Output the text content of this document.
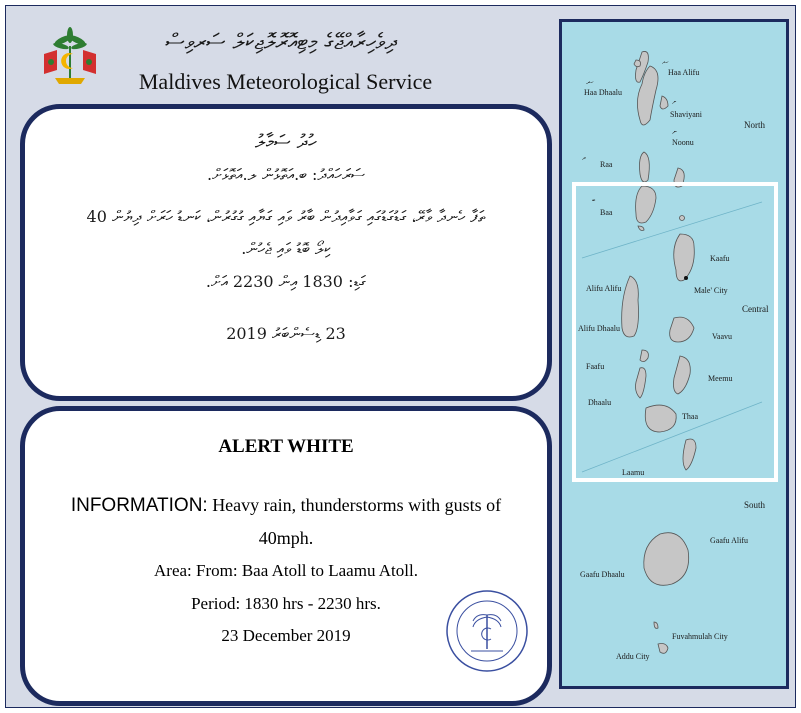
ދިވެހިރާއްޖޭގެ މިޓިއޮރޮލޮޖިކަލް ސަރވިސް
Maldives Meteorological Service
ހުދު ސަމާލު
ސަރަހައްދު: ބ.އަތޮޅުން ލ.އަތޮޅަށް.
ތަފާ ހެނދާ ވާރޭ، ގަޑުގަޑުގައި ގަވާއިދުން ބާރު ވައި ގަޔާއި ގުގުރުން، ކަނޑު ހަރަށް ދިޔުން 40
ކިލޯ ބޮޑު ވައި ޖެހުން.
ގަޑި: 1830 އިން 2230 އަށް.
23 ޑިސެންބަރު 2019
ALERT WHITE
INFORMATION: Heavy rain, thunderstorms with gusts of 40mph.
Area: From: Baa Atoll to Laamu Atoll.
Period: 1830 hrs - 2230 hrs.
23 December 2019
ހއ
ހދ
ށ
ނ
ރ
ބ
Haa Alifu
Haa Dhaalu
Shaviyani
Noonu
Raa
Baa
Kaafu
Male' City
Alifu Alifu
Alifu Dhaalu
Vaavu
Meemu
Faafu
Dhaalu
Thaa
Laamu
Gaafu Alifu
Gaafu Dhaalu
Fuvahmulah City
Addu City
North
Central
South
